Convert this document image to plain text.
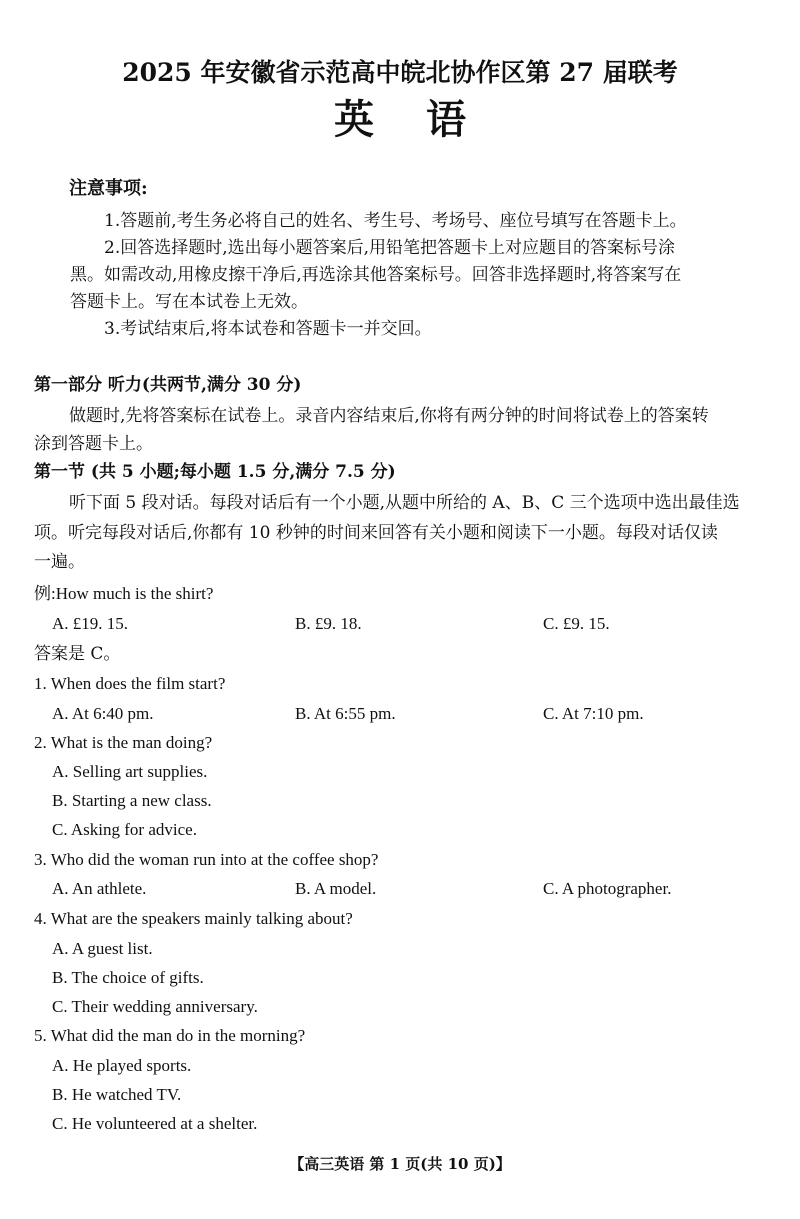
2025 年安徽省示范高中皖北协作区第 27 届联考
英语
注意事项:
1.答题前,考生务必将自己的姓名、考生号、考场号、座位号填写在答题卡上。
2.回答选择题时,选出每小题答案后,用铅笔把答题卡上对应题目的答案标号涂
黑。如需改动,用橡皮擦干净后,再选涂其他答案标号。回答非选择题时,将答案写在
答题卡上。写在本试卷上无效。
3.考试结束后,将本试卷和答题卡一并交回。
第一部分 听力(共两节,满分 30 分)
做题时,先将答案标在试卷上。录音内容结束后,你将有两分钟的时间将试卷上的答案转
涂到答题卡上。
第一节 (共 5 小题;每小题 1.5 分,满分 7.5 分)
听下面 5 段对话。每段对话后有一个小题,从题中所给的 A、B、C 三个选项中选出最佳选
项。听完每段对话后,你都有 10 秒钟的时间来回答有关小题和阅读下一小题。每段对话仅读
一遍。
例:How much is the shirt?
A. £19. 15.	B. £9. 18.	C. £9. 15.
答案是 C。
1. When does the film start?
A. At 6:40 pm.	B. At 6:55 pm.	C. At 7:10 pm.
2. What is the man doing?
A. Selling art supplies.
B. Starting a new class.
C. Asking for advice.
3. Who did the woman run into at the coffee shop?
A. An athlete.	B. A model.	C. A photographer.
4. What are the speakers mainly talking about?
A. A guest list.
B. The choice of gifts.
C. Their wedding anniversary.
5. What did the man do in the morning?
A. He played sports.
B. He watched TV.
C. He volunteered at a shelter.
【高三英语 第 1 页(共 10 页)】
